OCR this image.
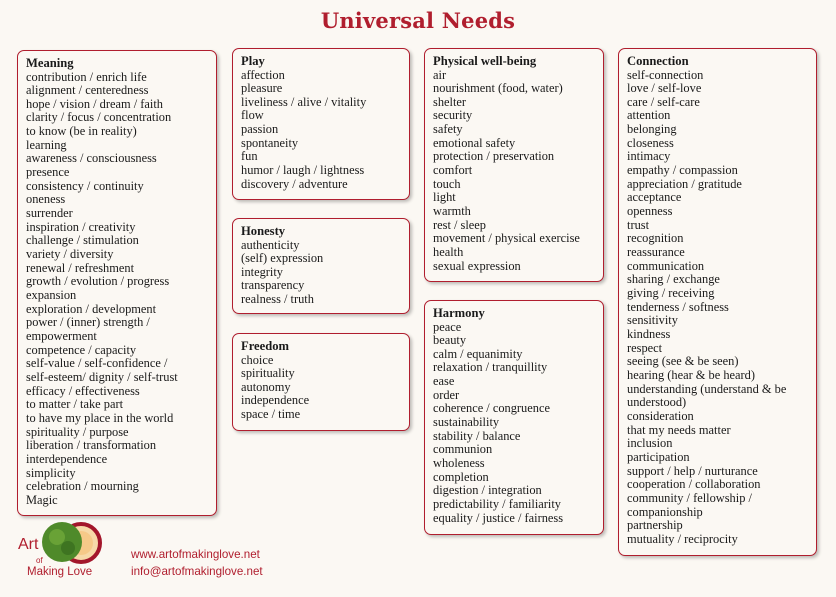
Universal Needs
Meaning
contribution / enrich life
alignment / centeredness
hope / vision / dream / faith
clarity / focus / concentration
to know (be in reality)
learning
awareness / consciousness
presence
consistency / continuity
oneness
surrender
inspiration / creativity
challenge / stimulation
variety / diversity
renewal / refreshment
growth / evolution / progress
expansion
exploration / development
power / (inner) strength /
empowerment
competence / capacity
self-value / self-confidence /
self-esteem/ dignity / self-trust
efficacy / effectiveness
to matter / take part
to have my place in the world
spirituality / purpose
liberation / transformation
interdependence
simplicity
celebration / mourning
Magic
Play
affection
pleasure
liveliness / alive / vitality
flow
passion
spontaneity
fun
humor / laugh / lightness
discovery / adventure
Honesty
authenticity
(self) expression
integrity
transparency
realness / truth
Freedom
choice
spirituality
autonomy
independence
space / time
Physical well-being
air
nourishment (food, water)
shelter
security
safety
emotional safety
protection / preservation
comfort
touch
light
warmth
rest / sleep
movement / physical exercise
health
sexual expression
Harmony
peace
beauty
calm / equanimity
relaxation / tranquillity
ease
order
coherence / congruence
sustainability
stability / balance
communion
wholeness
completion
digestion / integration
predictability / familiarity
equality / justice / fairness
Connection
self-connection
love / self-love
care / self-care
attention
belonging
closeness
intimacy
empathy / compassion
appreciation / gratitude
acceptance
openness
trust
recognition
reassurance
communication
sharing / exchange
giving / receiving
tenderness / softness
sensitivity
kindness
respect
seeing (see & be seen)
hearing (hear & be heard)
understanding (understand & be understood)
consideration
that my needs matter
inclusion
participation
support / help / nurturance
cooperation / collaboration
community / fellowship /
companionship
partnership
mutuality / reciprocity
Art
of
Making Love
www.artofmakinglove.net
info@artofmakinglove.net
